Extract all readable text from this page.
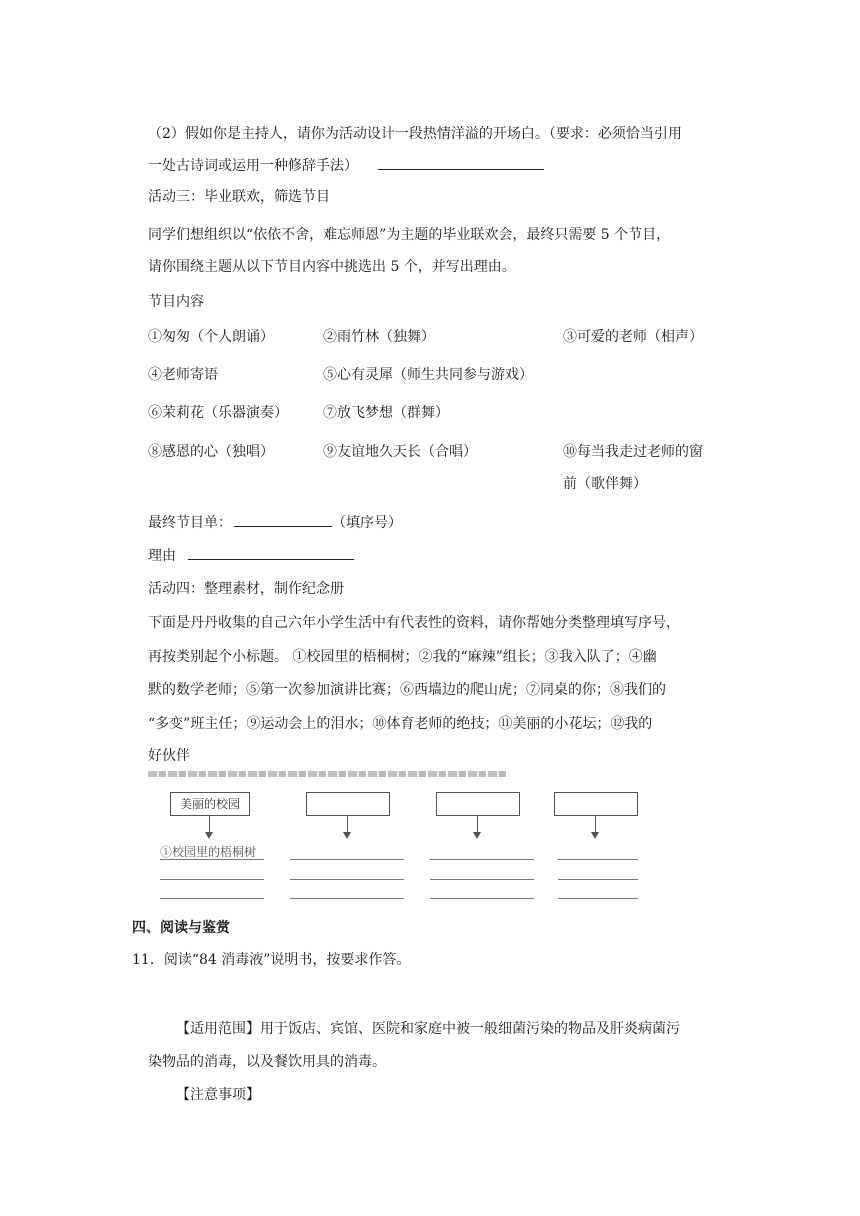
（2）假如你是主持人，请你为活动设计一段热情洋溢的开场白。（要求：必须恰当引用
一处古诗词或运用一种修辞手法）
活动三：毕业联欢，筛选节目
同学们想组织以“依依不舍，难忘师恩”为主题的毕业联欢会，最终只需要 5 个节目，
请你围绕主题从以下节目内容中挑选出 5 个，并写出理由。
节目内容
①匆匆（个人朗诵）	②雨竹林（独舞）	③可爱的老师（相声）
④老师寄语	⑤心有灵犀（师生共同参与游戏）
⑥茉莉花（乐器演奏）	⑦放飞梦想（群舞）
⑧感恩的心（独唱）	⑨友谊地久天长（合唱）	⑩每当我走过老师的窗
前（歌伴舞）
最终节目单：	（填序号）
理由
活动四：整理素材，制作纪念册
下面是丹丹收集的自己六年小学生活中有代表性的资料，请你帮她分类整理填写序号，
再按类别起个小标题。 ①校园里的梧桐树；②我的“麻辣”组长；③我入队了；④幽
默的数学老师；⑤第一次参加演讲比赛；⑥西墙边的爬山虎；⑦同桌的你；⑧我们的
“多变”班主任；⑨运动会上的泪水；⑩体育老师的绝技；⑪美丽的小花坛；⑫我的
好伙伴
美丽的校园
①校园里的梧桐树
四、阅读与鉴赏
11．阅读“84 消毒液”说明书，按要求作答。
【适用范围】用于饭店、宾馆、医院和家庭中被一般细菌污染的物品及肝炎病菌污
染物品的消毒，以及餐饮用具的消毒。
【注意事项】
